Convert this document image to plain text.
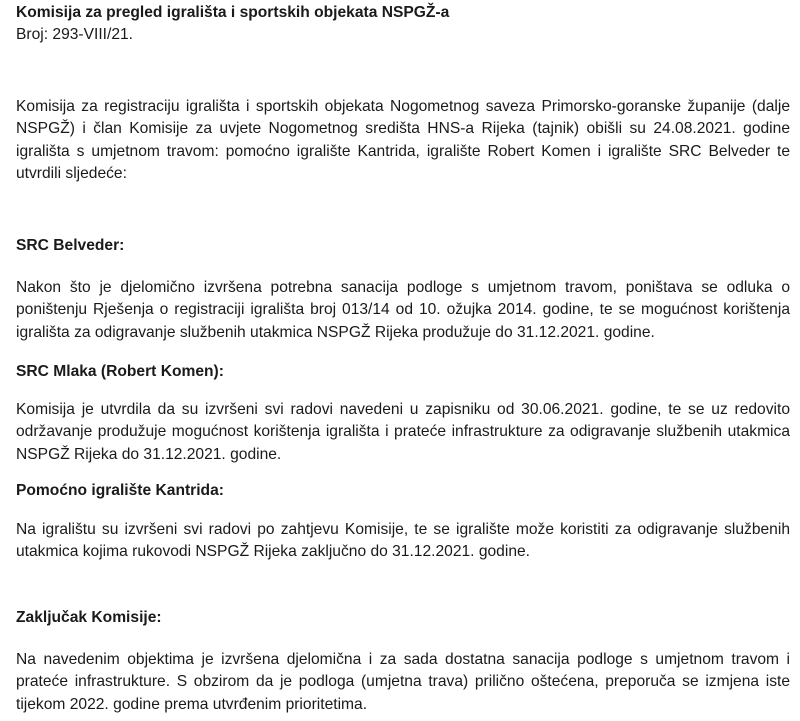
Komisija za pregled igrališta i sportskih objekata NSPGŽ-a

Broj: 293-VIII/21.

Komisija za registraciju igrališta i sportskih objekata Nogometnog saveza Primorsko-goranske županije (dalje NSPGŽ) i član Komisije za uvjete Nogometnog središta HNS-a Rijeka (tajnik) obišli su 24.08.2021. godine igrališta s umjetnom travom: pomoćno igralište Kantrida, igralište Robert Komen i igralište SRC Belveder te utvrdili sljedeće:

SRC Belveder:

Nakon što je djelomično izvršena potrebna sanacija podloge s umjetnom travom, poništava se odluka o poništenju Rješenja o registraciji igrališta broj 013/14 od 10. ožujka 2014. godine, te se mogućnost korištenja igrališta za odigravanje službenih utakmica NSPGŽ Rijeka produžuje do 31.12.2021. godine.

SRC Mlaka (Robert Komen):

Komisija je utvrdila da su izvršeni svi radovi navedeni u zapisniku od 30.06.2021. godine, te se uz redovito održavanje produžuje mogućnost korištenja igrališta i prateće infrastrukture za odigravanje službenih utakmica NSPGŽ Rijeka do 31.12.2021. godine.

Pomoćno igralište Kantrida:

Na igralištu su izvršeni svi radovi po zahtjevu Komisije, te se igralište može koristiti za odigravanje službenih utakmica kojima rukovodi NSPGŽ Rijeka zaključno do 31.12.2021. godine.

Zaključak Komisije:

Na navedenim objektima je izvršena djelomična i za sada dostatna sanacija podloge s umjetnom travom i prateće infrastrukture. S obzirom da je podloga (umjetna trava) prilično oštećena, preporuča se izmjena iste tijekom 2022. godine prema utvrđenim prioritetima.
